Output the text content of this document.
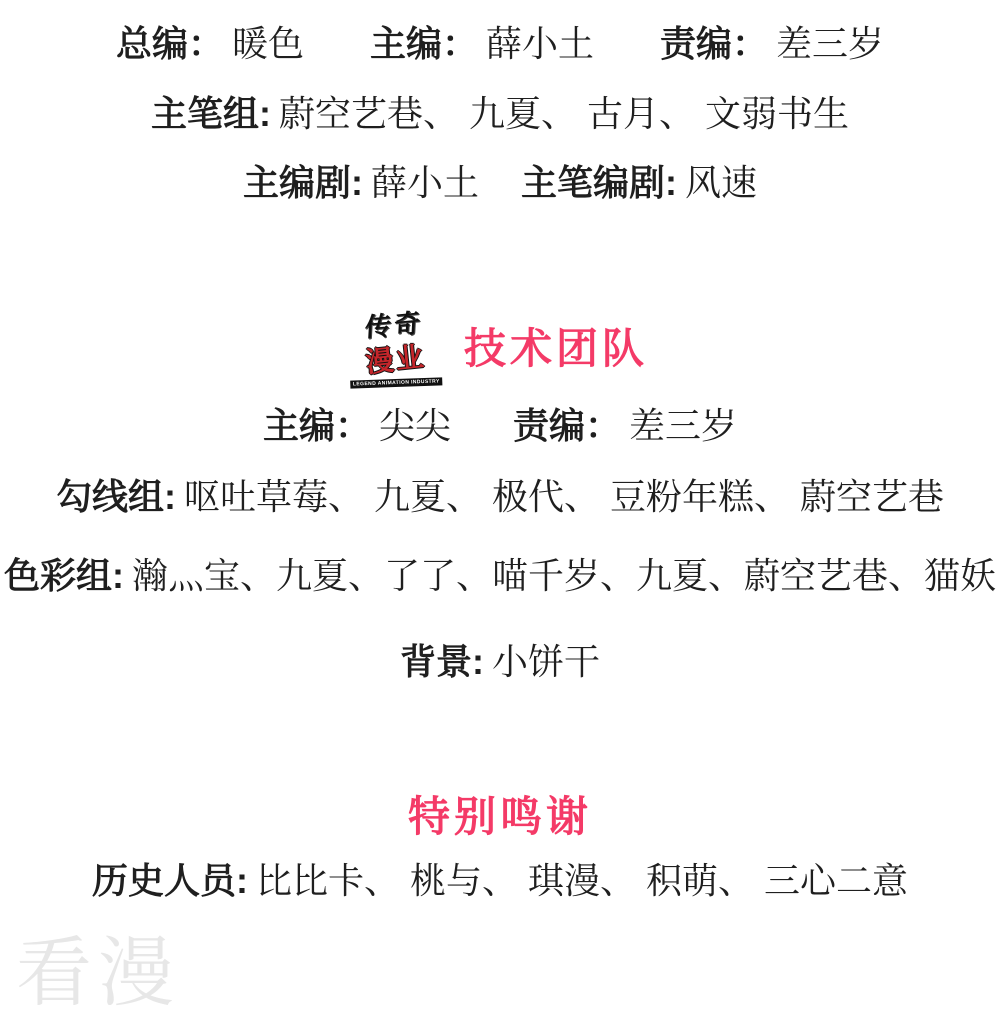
总编： 暖色 主编： 薛小土 责编： 差三岁
主笔组: 蔚空艺巷、 九夏、 古月、 文弱书生
主编剧: 薛小土 主笔编剧: 风速
传奇
漫业
LEGEND ANIMATION INDUSTRY
技术团队
主编： 尖尖 责编： 差三岁
勾线组: 呕吐草莓、 九夏、 极代、 豆粉年糕、 蔚空艺巷
色彩组: 瀚灬宝、九夏、了了、喵千岁、九夏、蔚空艺巷、猫妖
背景: 小饼干
特别鸣谢
历史人员: 比比卡、 桃与、 琪漫、 积萌、 三心二意
看漫
